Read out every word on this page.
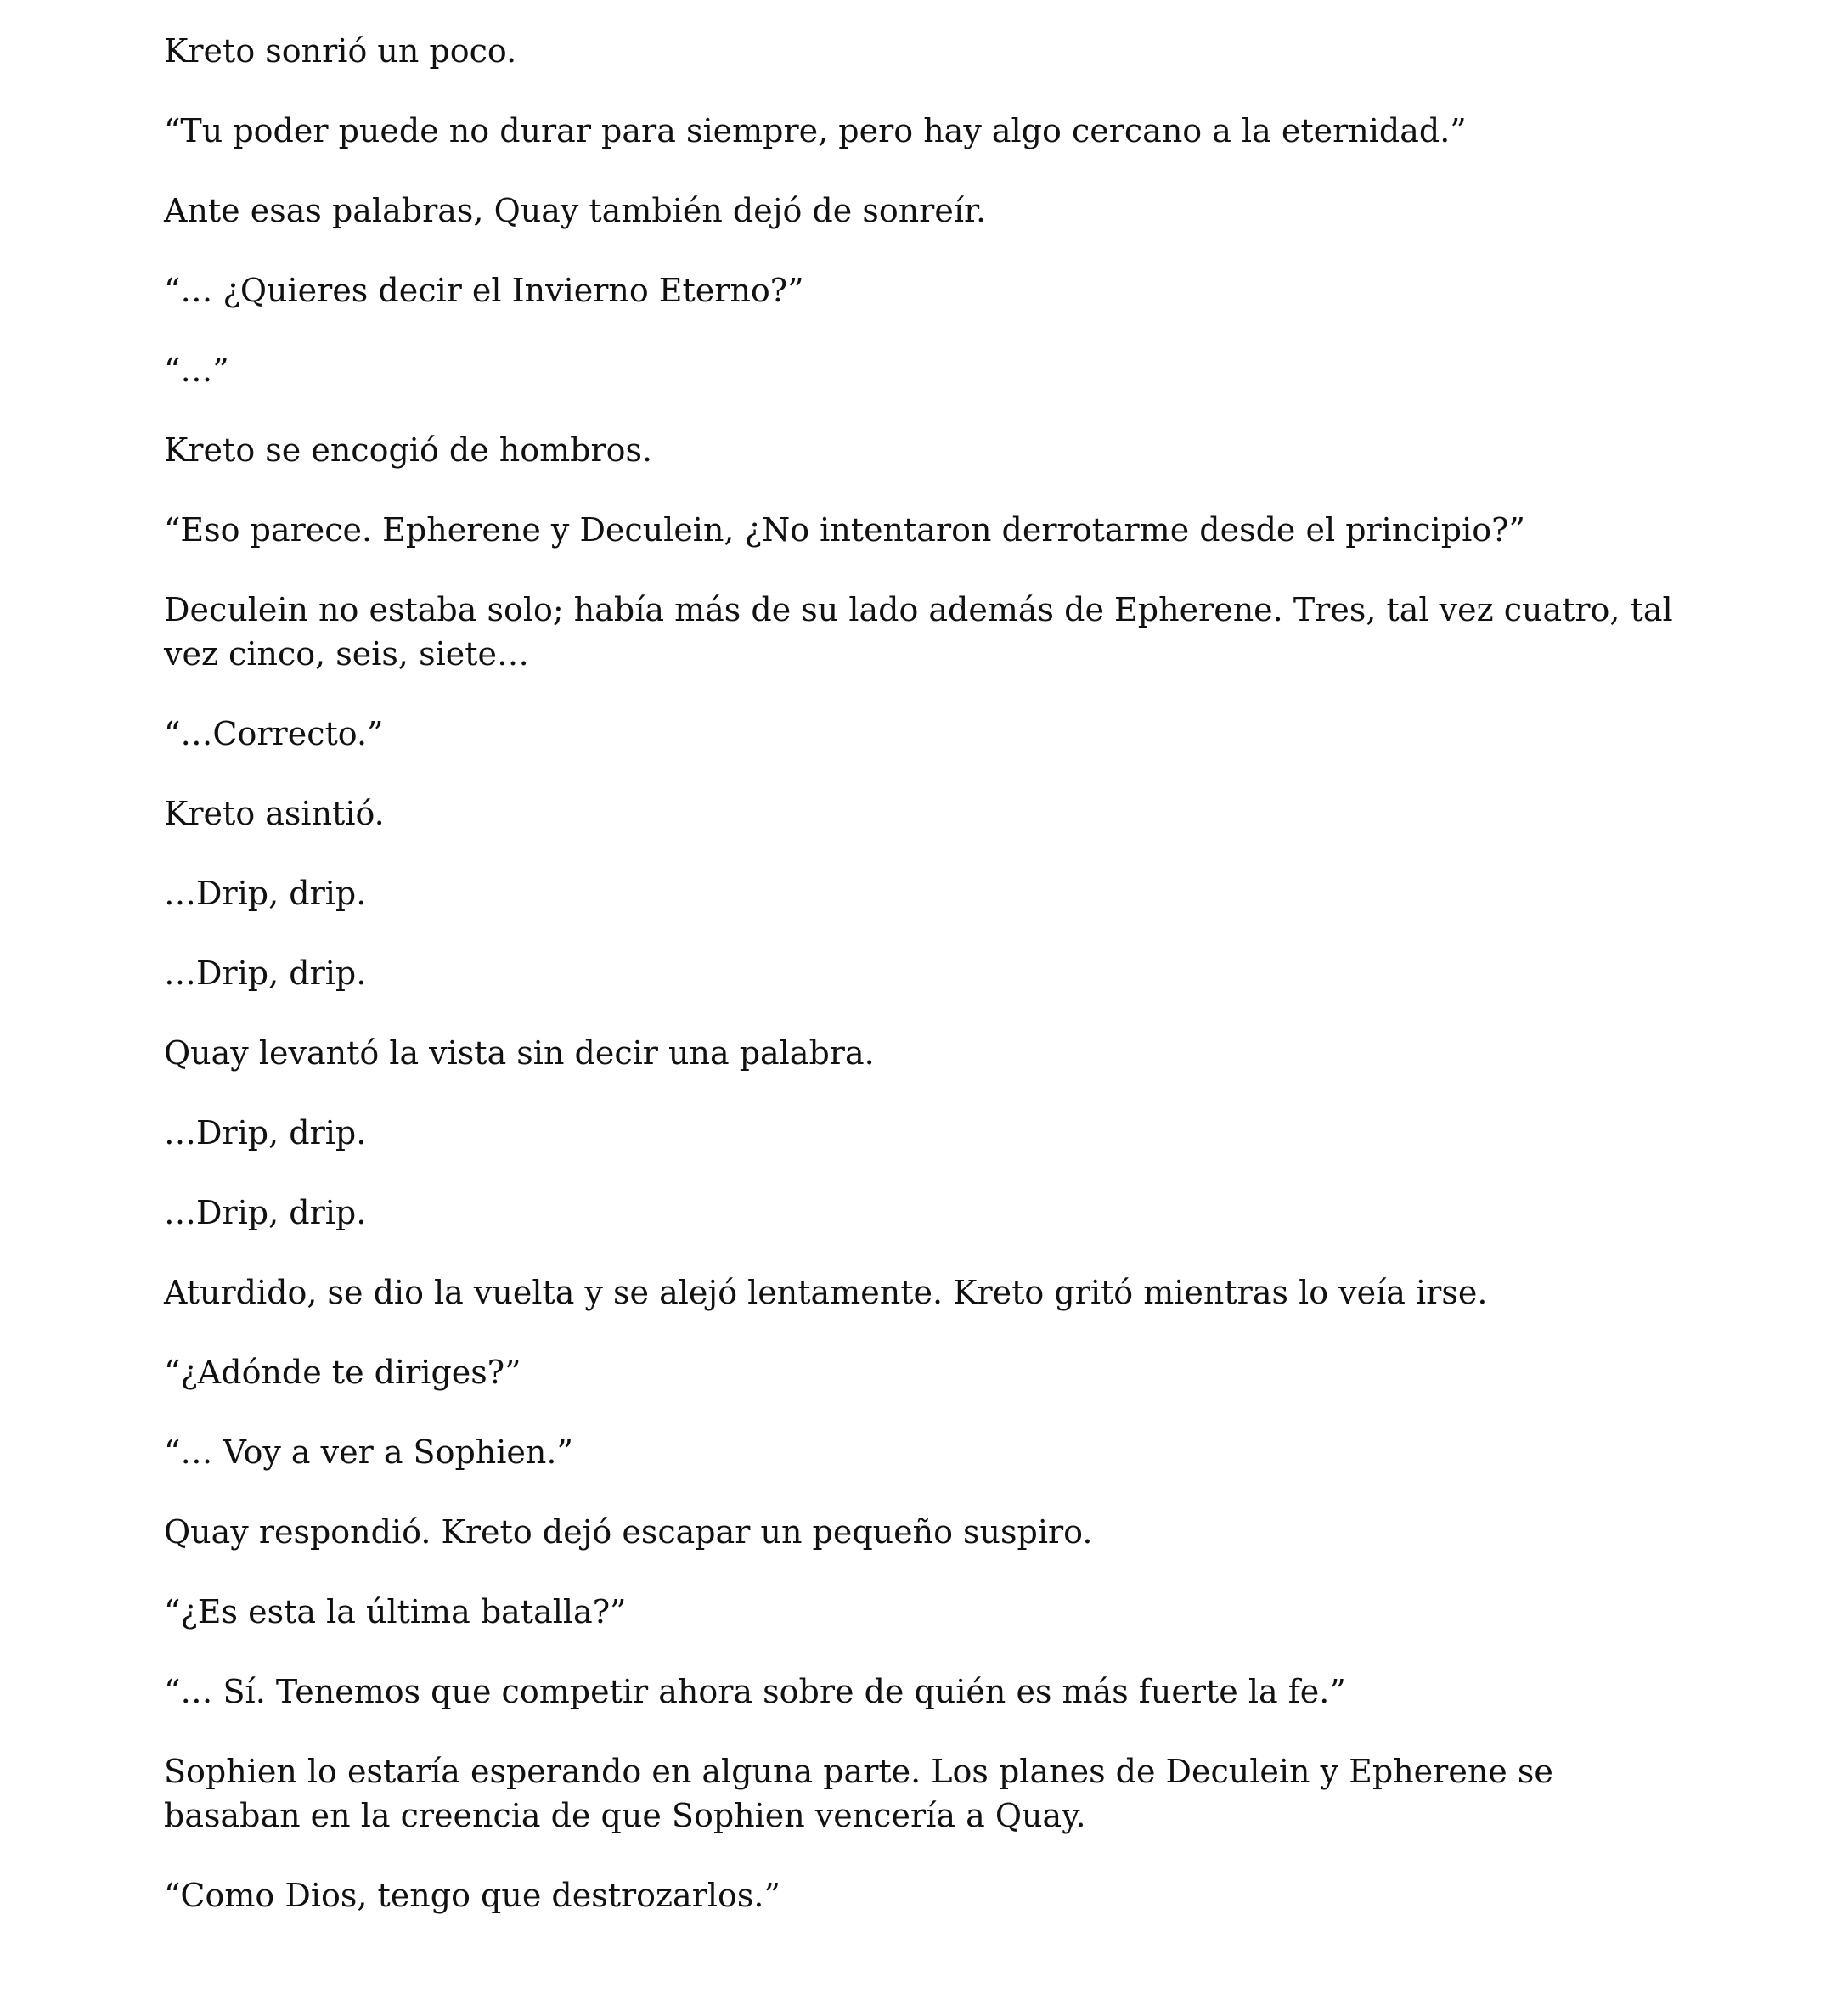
Kreto sonrió un poco.

“Tu poder puede no durar para siempre, pero hay algo cercano a la eternidad.”

Ante esas palabras, Quay también dejó de sonreír.

“… ¿Quieres decir el Invierno Eterno?”

“…”

Kreto se encogió de hombros.

“Eso parece. Epherene y Deculein, ¿No intentaron derrotarme desde el principio?”

Deculein no estaba solo; había más de su lado además de Epherene. Tres, tal vez cuatro, tal vez cinco, seis, siete…

“…Correcto.”

Kreto asintió.

…Drip, drip.

…Drip, drip.

Quay levantó la vista sin decir una palabra.

…Drip, drip.

…Drip, drip.

Aturdido, se dio la vuelta y se alejó lentamente. Kreto gritó mientras lo veía irse.

“¿Adónde te diriges?”

“… Voy a ver a Sophien.”

Quay respondió. Kreto dejó escapar un pequeño suspiro.

“¿Es esta la última batalla?”

“… Sí. Tenemos que competir ahora sobre de quién es más fuerte la fe.”

Sophien lo estaría esperando en alguna parte. Los planes de Deculein y Epherene se basaban en la creencia de que Sophien vencería a Quay.

“Como Dios, tengo que destrozarlos.”
